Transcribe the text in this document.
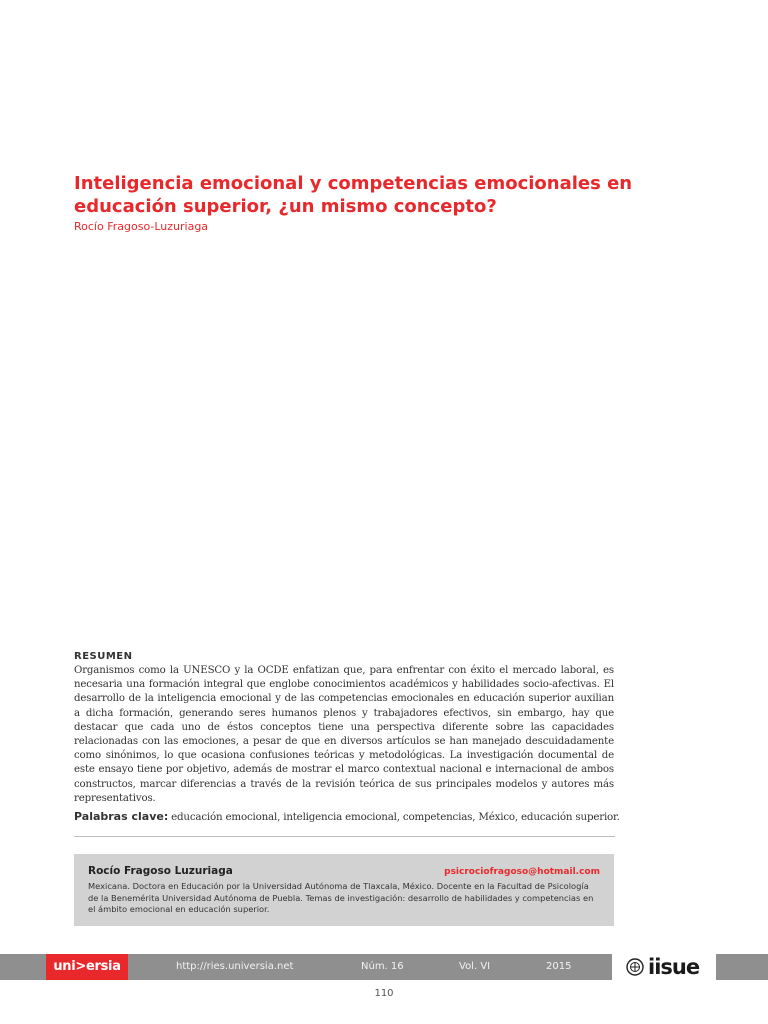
Inteligencia emocional y competencias emocionales en educación superior, ¿un mismo concepto?
Rocío Fragoso-Luzuriaga
RESUMEN

Organismos como la UNESCO y la OCDE enfatizan que, para enfrentar con éxito el mercado laboral, es necesaria una formación integral que englobe conocimientos académicos y habilidades socio-afectivas. El desarrollo de la inteligencia emocional y de las competencias emocionales en educación superior auxilian a dicha formación, generando seres humanos plenos y trabajadores efectivos, sin embargo, hay que destacar que cada uno de éstos conceptos tiene una perspectiva diferente sobre las capacidades relacionadas con las emociones, a pesar de que en diversos artículos se han manejado descuidadamente como sinónimos, lo que ocasiona confusiones teóricas y metodológicas. La investigación documental de este ensayo tiene por objetivo, además de mostrar el marco contextual nacional e internacional de ambos constructos, marcar diferencias a través de la revisión teórica de sus principales modelos y autores más representativos.

Palabras clave: educación emocional, inteligencia emocional, competencias, México, educación superior.
Rocío Fragoso Luzuriaga	psicrociofragoso@hotmail.com

Mexicana. Doctora en Educación por la Universidad Autónoma de Tlaxcala, México. Docente en la Facultad de Psicología de la Benemérita Universidad Autónoma de Puebla. Temas de investigación: desarrollo de habilidades y competencias en el ámbito emocional en educación superior.

uni>ersia	http://ries.universia.net	Núm. 16	Vol. VI	2015	iisue
110
